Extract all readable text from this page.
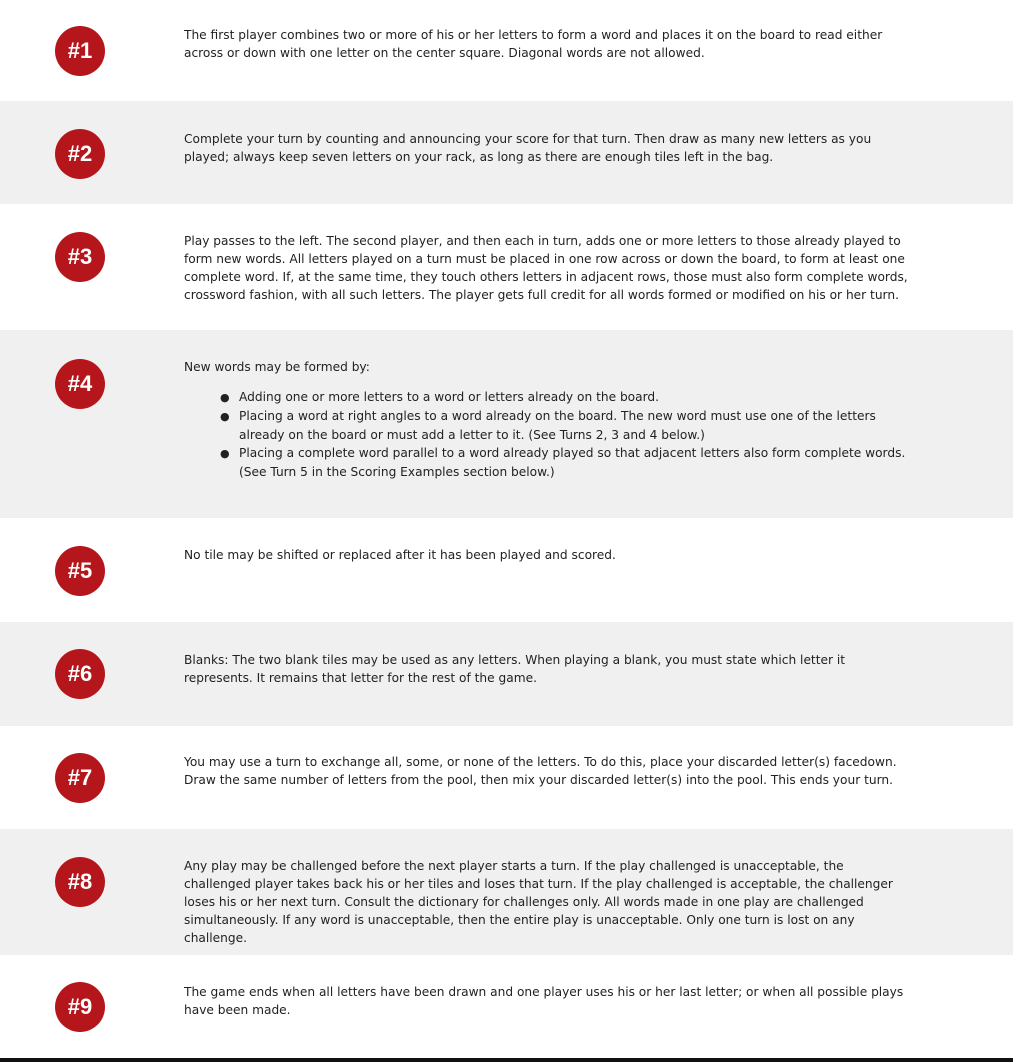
#1

The first player combines two or more of his or her letters to form a word and places it on the board to read either across or down with one letter on the center square. Diagonal words are not allowed.

#2

Complete your turn by counting and announcing your score for that turn. Then draw as many new letters as you played; always keep seven letters on your rack, as long as there are enough tiles left in the bag.

#3

Play passes to the left. The second player, and then each in turn, adds one or more letters to those already played to form new words. All letters played on a turn must be placed in one row across or down the board, to form at least one complete word. If, at the same time, they touch others letters in adjacent rows, those must also form complete words, crossword fashion, with all such letters. The player gets full credit for all words formed or modified on his or her turn.

#4

New words may be formed by:

● Adding one or more letters to a word or letters already on the board.
● Placing a word at right angles to a word already on the board. The new word must use one of the letters already on the board or must add a letter to it. (See Turns 2, 3 and 4 below.)
● Placing a complete word parallel to a word already played so that adjacent letters also form complete words. (See Turn 5 in the Scoring Examples section below.)
#5

No tile may be shifted or replaced after it has been played and scored.

#6

Blanks: The two blank tiles may be used as any letters. When playing a blank, you must state which letter it represents. It remains that letter for the rest of the game.

#7

You may use a turn to exchange all, some, or none of the letters. To do this, place your discarded letter(s) facedown. Draw the same number of letters from the pool, then mix your discarded letter(s) into the pool. This ends your turn.

#8

Any play may be challenged before the next player starts a turn. If the play challenged is unacceptable, the challenged player takes back his or her tiles and loses that turn. If the play challenged is acceptable, the challenger loses his or her next turn. Consult the dictionary for challenges only. All words made in one play are challenged simultaneously. If any word is unacceptable, then the entire play is unacceptable. Only one turn is lost on any challenge.

#9

The game ends when all letters have been drawn and one player uses his or her last letter; or when all possible plays have been made.
